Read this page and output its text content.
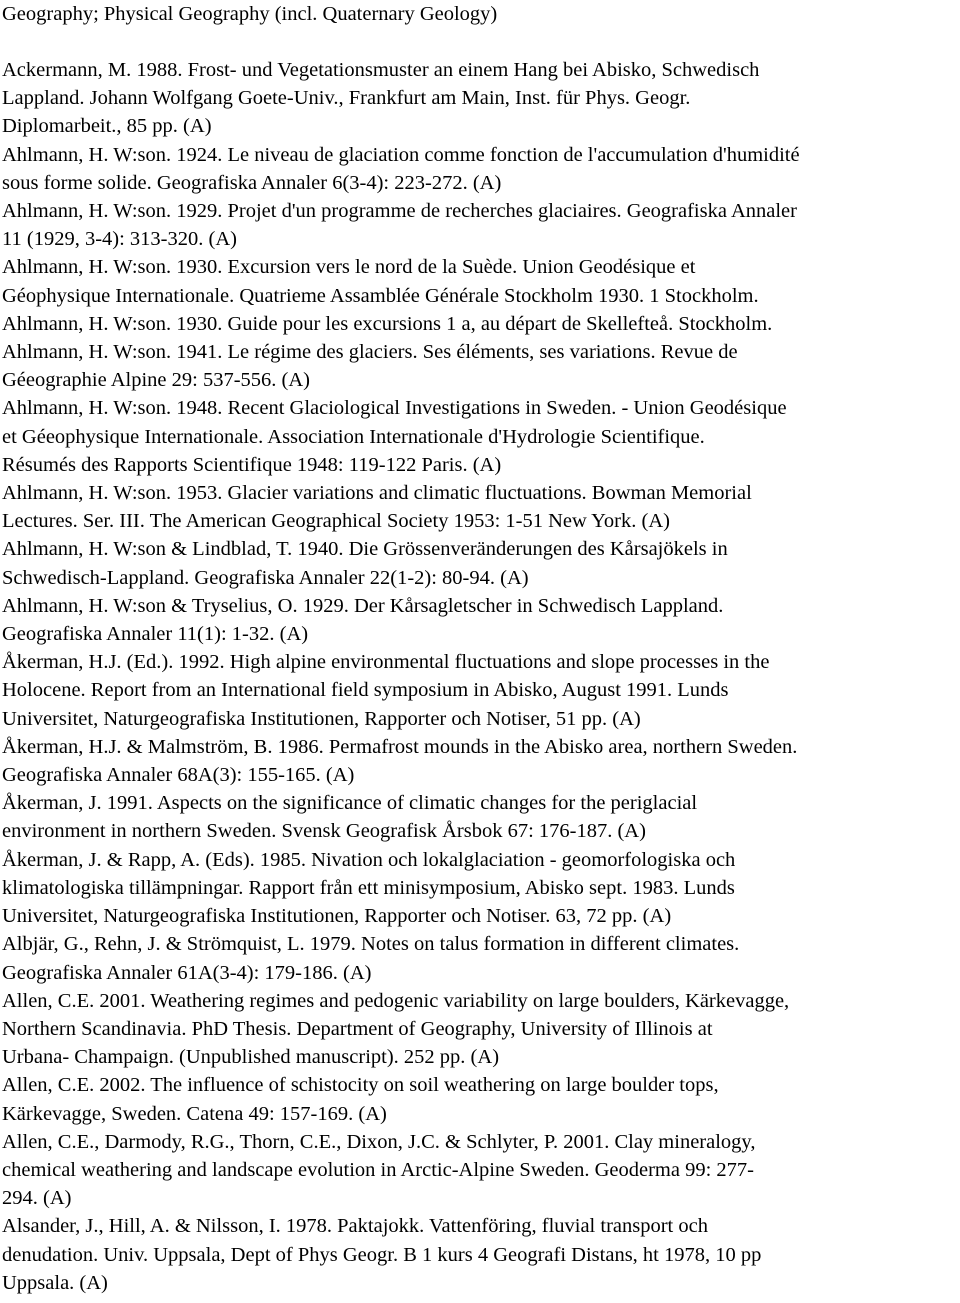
Geography; Physical Geography (incl. Quaternary Geology)

Ackermann, M. 1988. Frost- und Vegetationsmuster an einem Hang bei Abisko, Schwedisch
Lappland. Johann Wolfgang Goete-Univ., Frankfurt am Main, Inst. für Phys. Geogr.
Diplomarbeit., 85 pp. (A)

Ahlmann, H. W:son. 1924. Le niveau de glaciation comme fonction de l'accumulation d'humidité
sous forme solide. Geografiska Annaler 6(3-4): 223-272. (A)

Ahlmann, H. W:son. 1929. Projet d'un programme de recherches glaciaires. Geografiska Annaler
11 (1929, 3-4): 313-320. (A)

Ahlmann, H. W:son. 1930. Excursion vers le nord de la Suède. Union Geodésique et
Géophysique Internationale. Quatrieme Assamblée Générale Stockholm 1930. 1 Stockholm.

Ahlmann, H. W:son. 1930. Guide pour les excursions 1 a, au départ de Skellefteå. Stockholm.

Ahlmann, H. W:son. 1941. Le régime des glaciers. Ses éléments, ses variations. Revue de
Géeographie Alpine 29: 537-556. (A)

Ahlmann, H. W:son. 1948. Recent Glaciological Investigations in Sweden. - Union Geodésique
et Géeophysique Internationale. Association Internationale d'Hydrologie Scientifique.
Résumés des Rapports Scientifique 1948: 119-122 Paris. (A)

Ahlmann, H. W:son. 1953. Glacier variations and climatic fluctuations. Bowman Memorial
Lectures. Ser. III. The American Geographical Society 1953: 1-51 New York. (A)

Ahlmann, H. W:son & Lindblad, T. 1940. Die Grössenveränderungen des Kårsajökels in
Schwedisch-Lappland. Geografiska Annaler 22(1-2): 80-94. (A)

Ahlmann, H. W:son & Tryselius, O. 1929. Der Kårsagletscher in Schwedisch Lappland.
Geografiska Annaler 11(1): 1-32. (A)

Åkerman, H.J. (Ed.). 1992. High alpine environmental fluctuations and slope processes in the
Holocene. Report from an International field symposium in Abisko, August 1991. Lunds
Universitet, Naturgeografiska Institutionen, Rapporter och Notiser, 51 pp. (A)

Åkerman, H.J. & Malmström, B. 1986. Permafrost mounds in the Abisko area, northern Sweden.
Geografiska Annaler 68A(3): 155-165. (A)

Åkerman, J. 1991. Aspects on the significance of climatic changes for the periglacial
environment in northern Sweden. Svensk Geografisk Årsbok 67: 176-187. (A)

Åkerman, J. & Rapp, A. (Eds). 1985. Nivation och lokalglaciation - geomorfologiska och
klimatologiska tillämpningar. Rapport från ett minisymposium, Abisko sept. 1983. Lunds
Universitet, Naturgeografiska Institutionen, Rapporter och Notiser. 63, 72 pp. (A)

Albjär, G., Rehn, J. & Strömquist, L. 1979. Notes on talus formation in different climates.
Geografiska Annaler 61A(3-4): 179-186. (A)

Allen, C.E. 2001. Weathering regimes and pedogenic variability on large boulders, Kärkevagge,
Northern Scandinavia. PhD Thesis. Department of Geography, University of Illinois at
Urbana- Champaign. (Unpublished manuscript). 252 pp. (A)

Allen, C.E. 2002. The influence of schistocity on soil weathering on large boulder tops,
Kärkevagge, Sweden. Catena 49: 157-169. (A)

Allen, C.E., Darmody, R.G., Thorn, C.E., Dixon, J.C. & Schlyter, P. 2001. Clay mineralogy,
chemical weathering and landscape evolution in Arctic-Alpine Sweden. Geoderma 99: 277-
294. (A)

Alsander, J., Hill, A. & Nilsson, I. 1978. Paktajokk. Vattenföring, fluvial transport och
denudation. Univ. Uppsala, Dept of Phys Geogr. B 1 kurs 4 Geografi Distans, ht 1978, 10 pp
Uppsala. (A)
